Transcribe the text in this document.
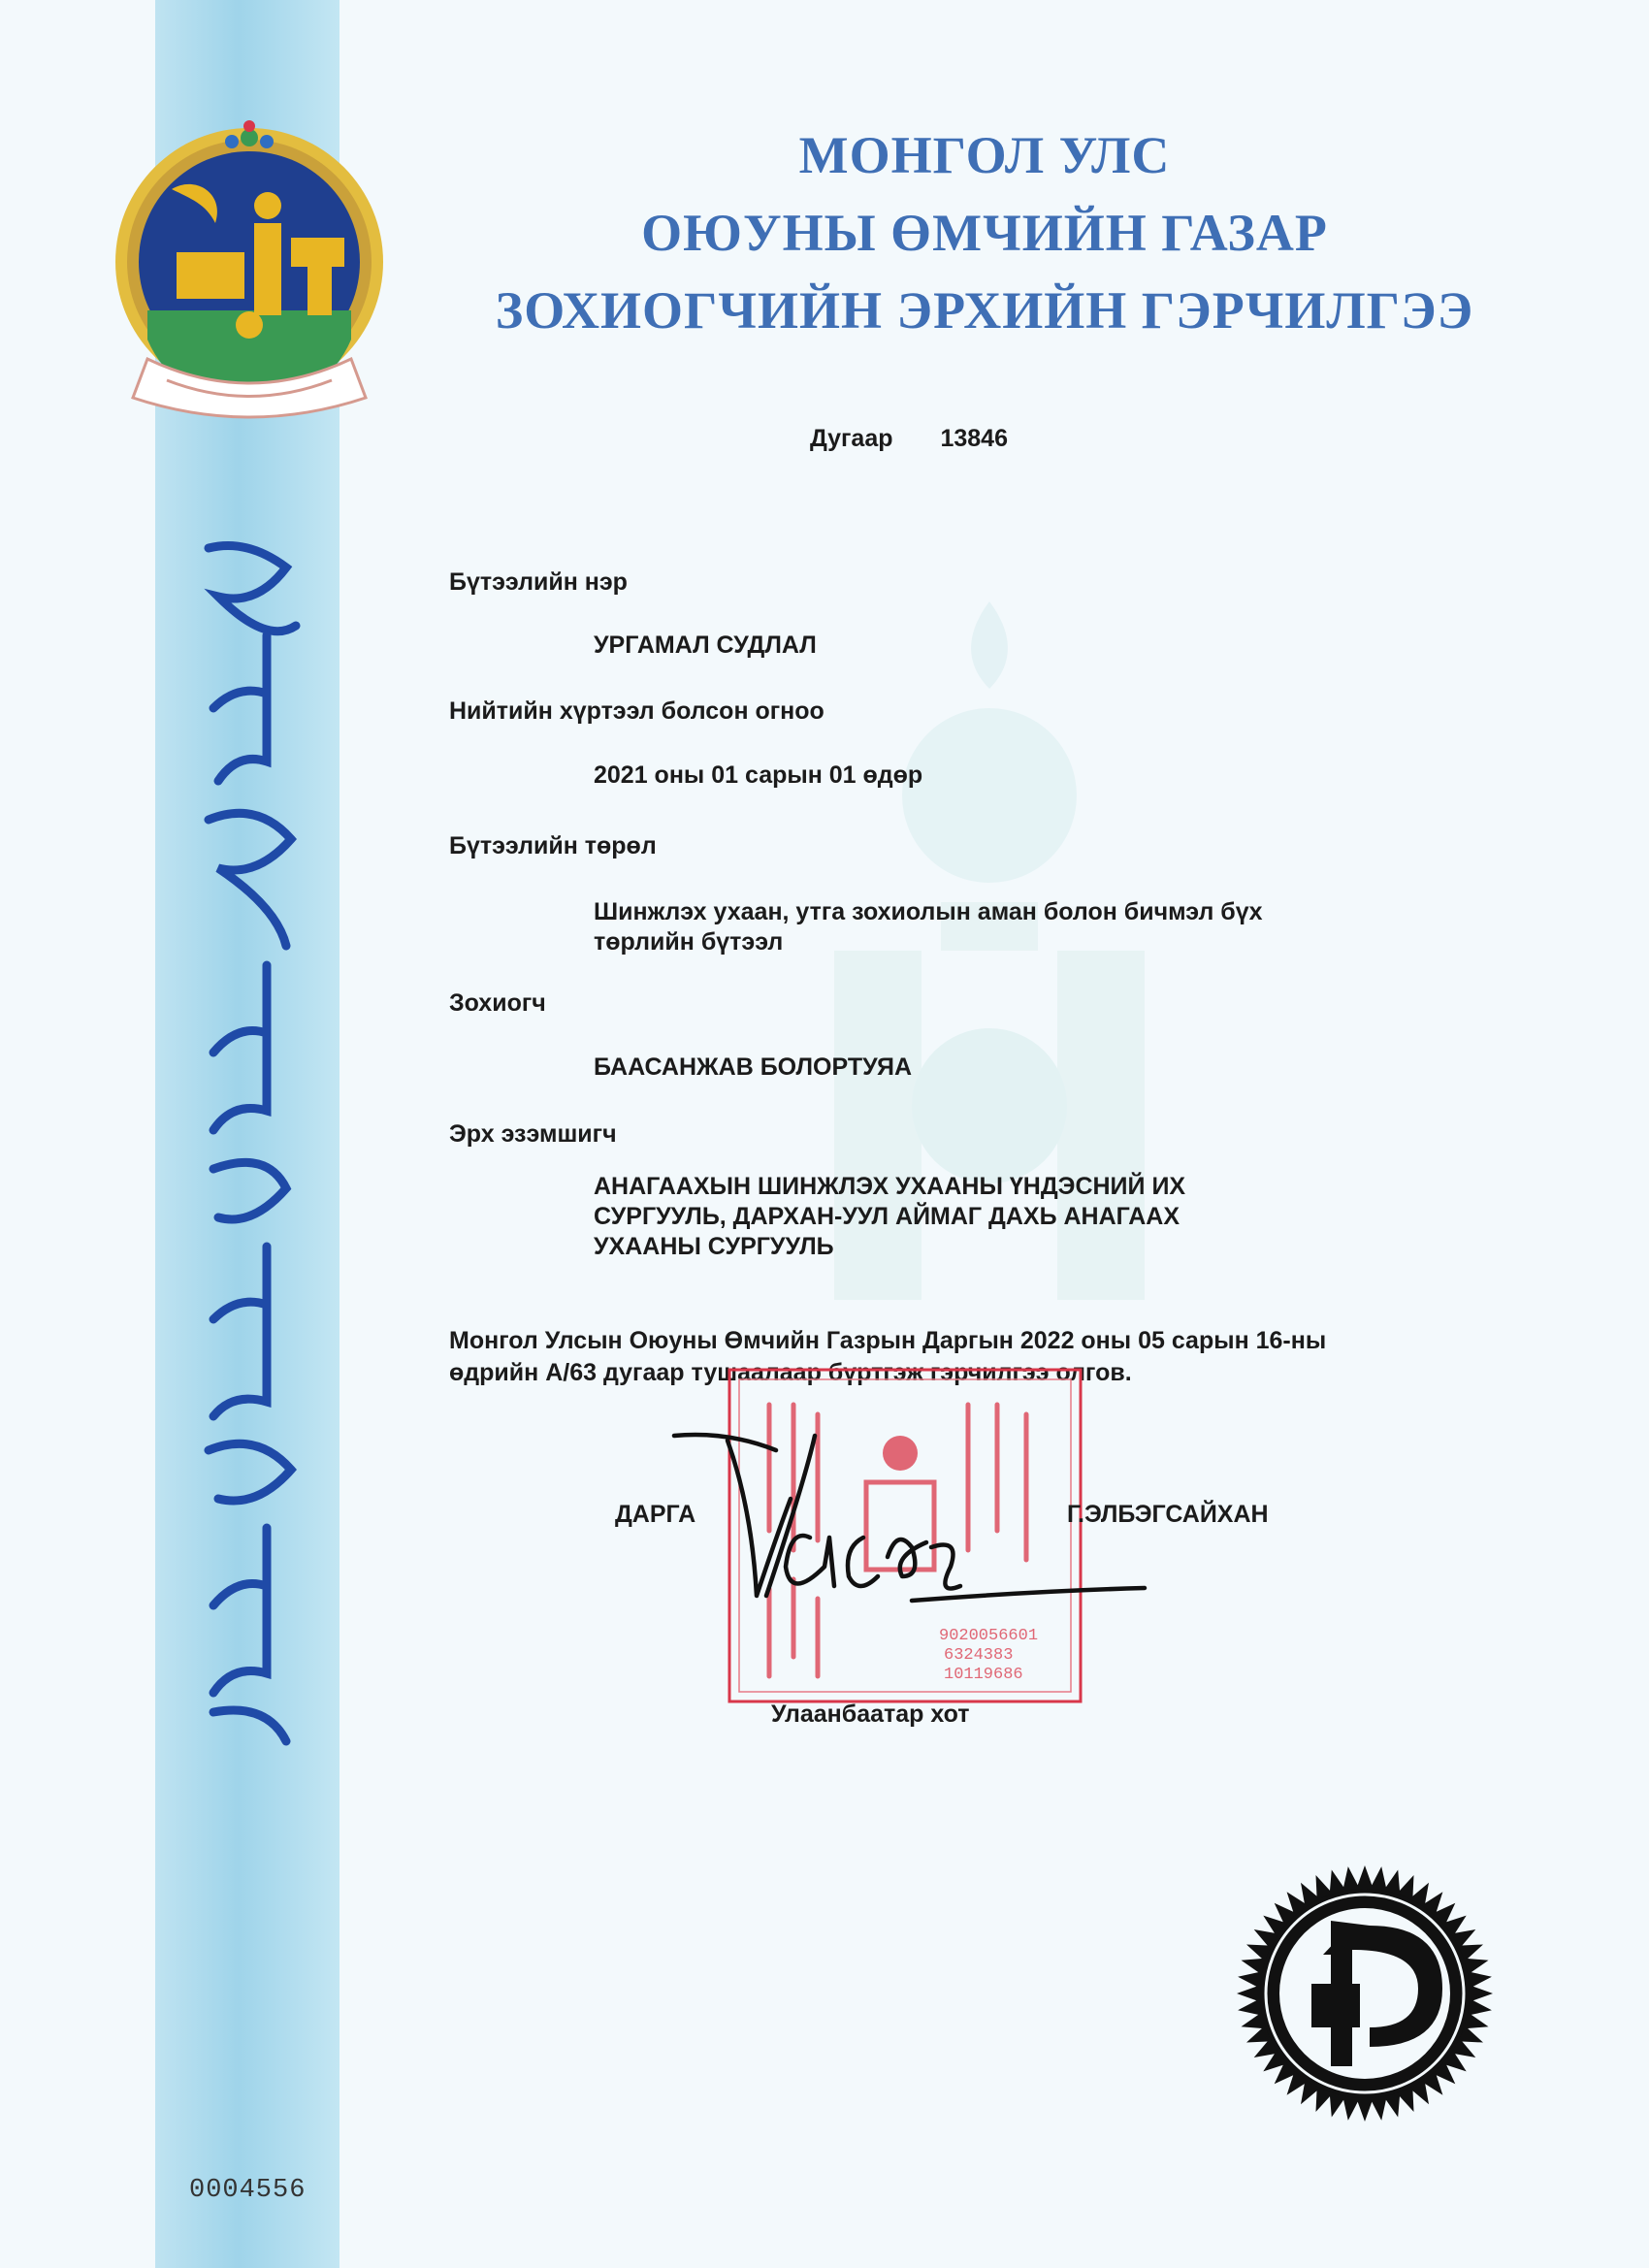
МОНГОЛ УЛС
ОЮУНЫ ӨМЧИЙН ГАЗАР
ЗОХИОГЧИЙН ЭРХИЙН ГЭРЧИЛГЭЭ
Дугаар 13846
Бүтээлийн нэр
УРГАМАЛ СУДЛАЛ
Нийтийн хүртээл болсон огноо
2021 оны 01 сарын 01 өдөр
Бүтээлийн төрөл
Шинжлэх ухаан, утга зохиолын аман болон бичмэл бүх
төрлийн бүтээл
Зохиогч
БААСАНЖАВ БОЛОРТУЯА
Эрх эзэмшигч
АНАГААХЫН ШИНЖЛЭХ УХААНЫ ҮНДЭСНИЙ ИХ
СУРГУУЛЬ, ДАРХАН-УУЛ АЙМАГ ДАХЬ АНАГААХ
УХААНЫ СУРГУУЛЬ
Монгол Улсын Оюуны Өмчийн Газрын Даргын 2022 оны 05 сарын 16-ны
өдрийн А/63 дугаар тушаалаар бүртгэж гэрчилгээ олгов.
9020056601
6324383
10119686
ДАРГА	Г.ЭЛБЭГСАЙХАН
Улаанбаатар хот
0004556
